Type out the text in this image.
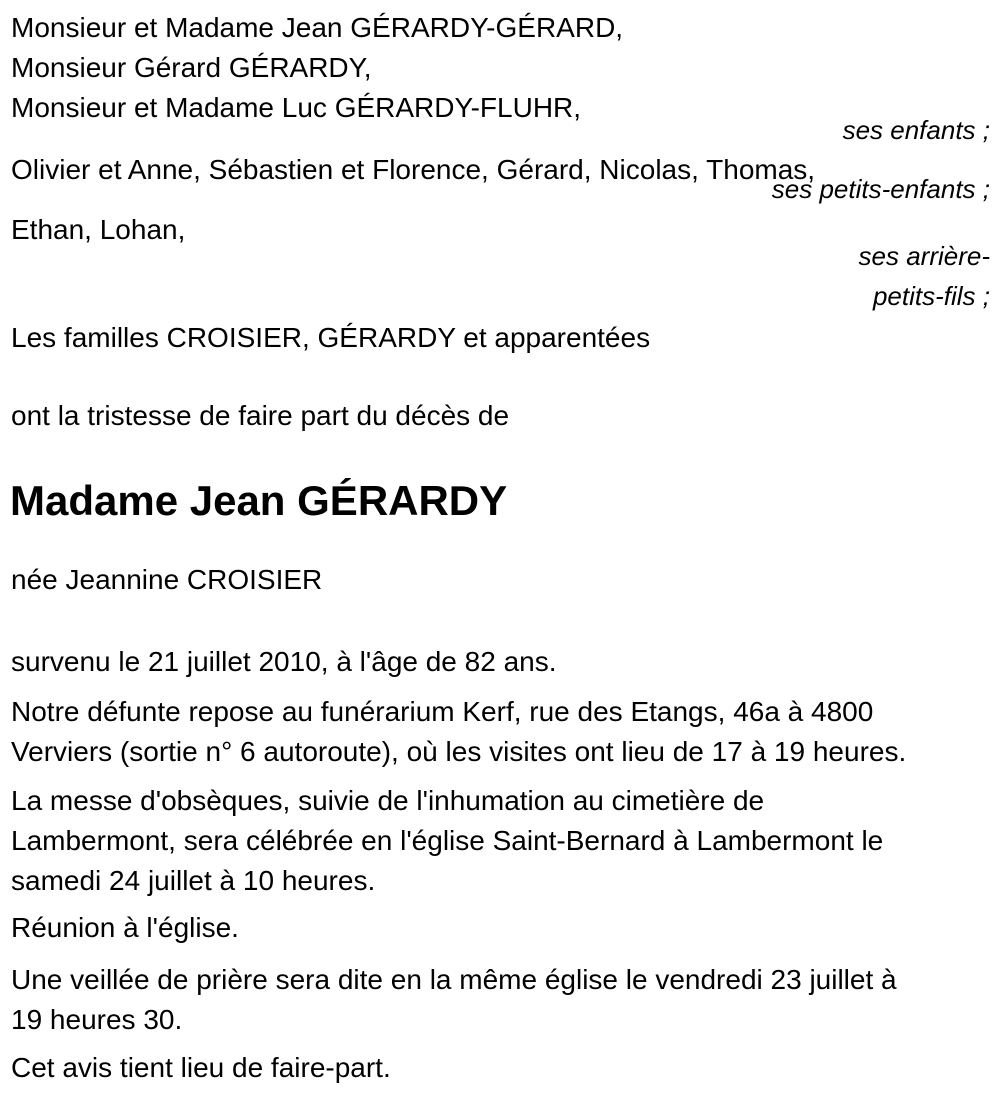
Monsieur et Madame Jean GÉRARDY-GÉRARD,
Monsieur Gérard GÉRARDY,
Monsieur et Madame Luc GÉRARDY-FLUHR,
ses enfants ;
Olivier et Anne, Sébastien et Florence, Gérard, Nicolas, Thomas,
ses petits-enfants ;
Ethan, Lohan,
ses arrière-
petits-fils ;
Les familles CROISIER, GÉRARDY et apparentées
ont la tristesse de faire part du décès de
Madame Jean GÉRARDY
née Jeannine CROISIER
survenu le 21 juillet 2010, à l'âge de 82 ans.
Notre défunte repose au funérarium Kerf, rue des Etangs, 46a à 4800
Verviers (sortie n° 6 autoroute), où les visites ont lieu de 17 à 19 heures.
La messe d'obsèques, suivie de l'inhumation au cimetière de
Lambermont, sera célébrée en l'église Saint-Bernard à Lambermont le
samedi 24 juillet à 10 heures.
Réunion à l'église.
Une veillée de prière sera dite en la même église le vendredi 23 juillet à
19 heures 30.
Cet avis tient lieu de faire-part.
